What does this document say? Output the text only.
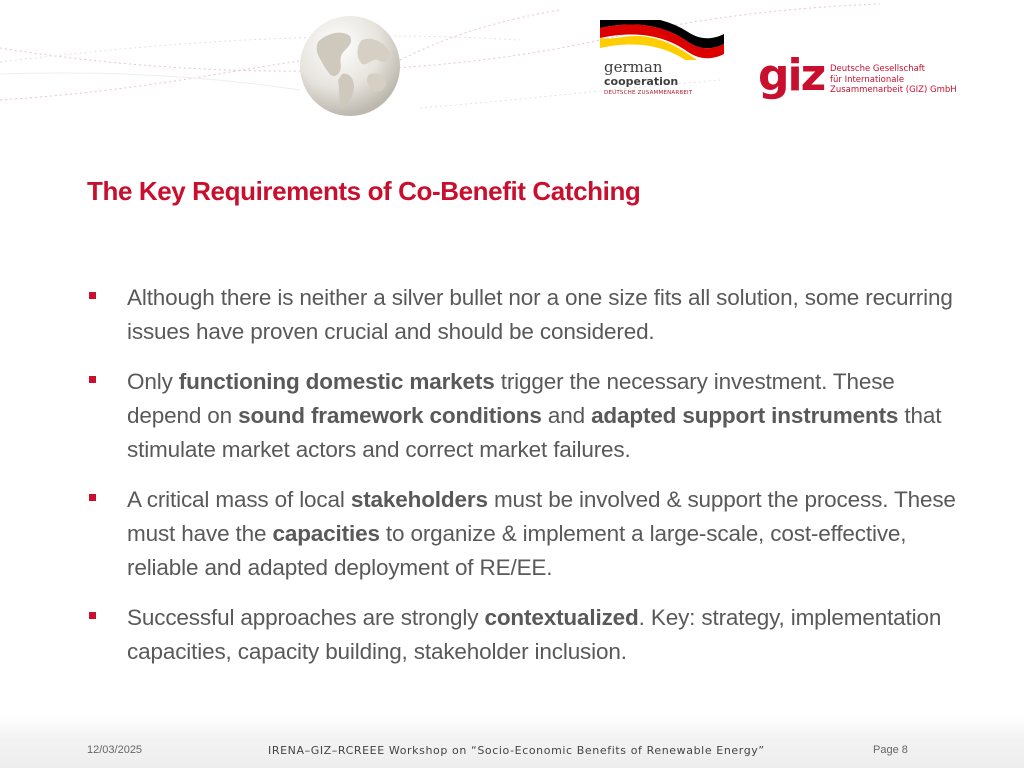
german
cooperation
DEUTSCHE ZUSAMMENARBEIT giz Deutsche Gesellschaft
für Internationale
Zusammenarbeit (GIZ) GmbH
The Key Requirements of Co-Benefit Catching
Although there is neither a silver bullet nor a one size fits all solution, some recurring issues have proven crucial and should be considered.
Only functioning domestic markets trigger the necessary investment. These depend on sound framework conditions and adapted support instruments that stimulate market actors and correct market failures.
A critical mass of local stakeholders must be involved & support the process. These must have the capacities to organize & implement a large-scale, cost-effective, reliable and adapted deployment of RE/EE.
Successful approaches are strongly contextualized. Key: strategy, implementation capacities, capacity building, stakeholder inclusion.
12/03/2025	IRENA–GIZ–RCREEE Workshop on “Socio-Economic Benefits of Renewable Energy”	Page 8
